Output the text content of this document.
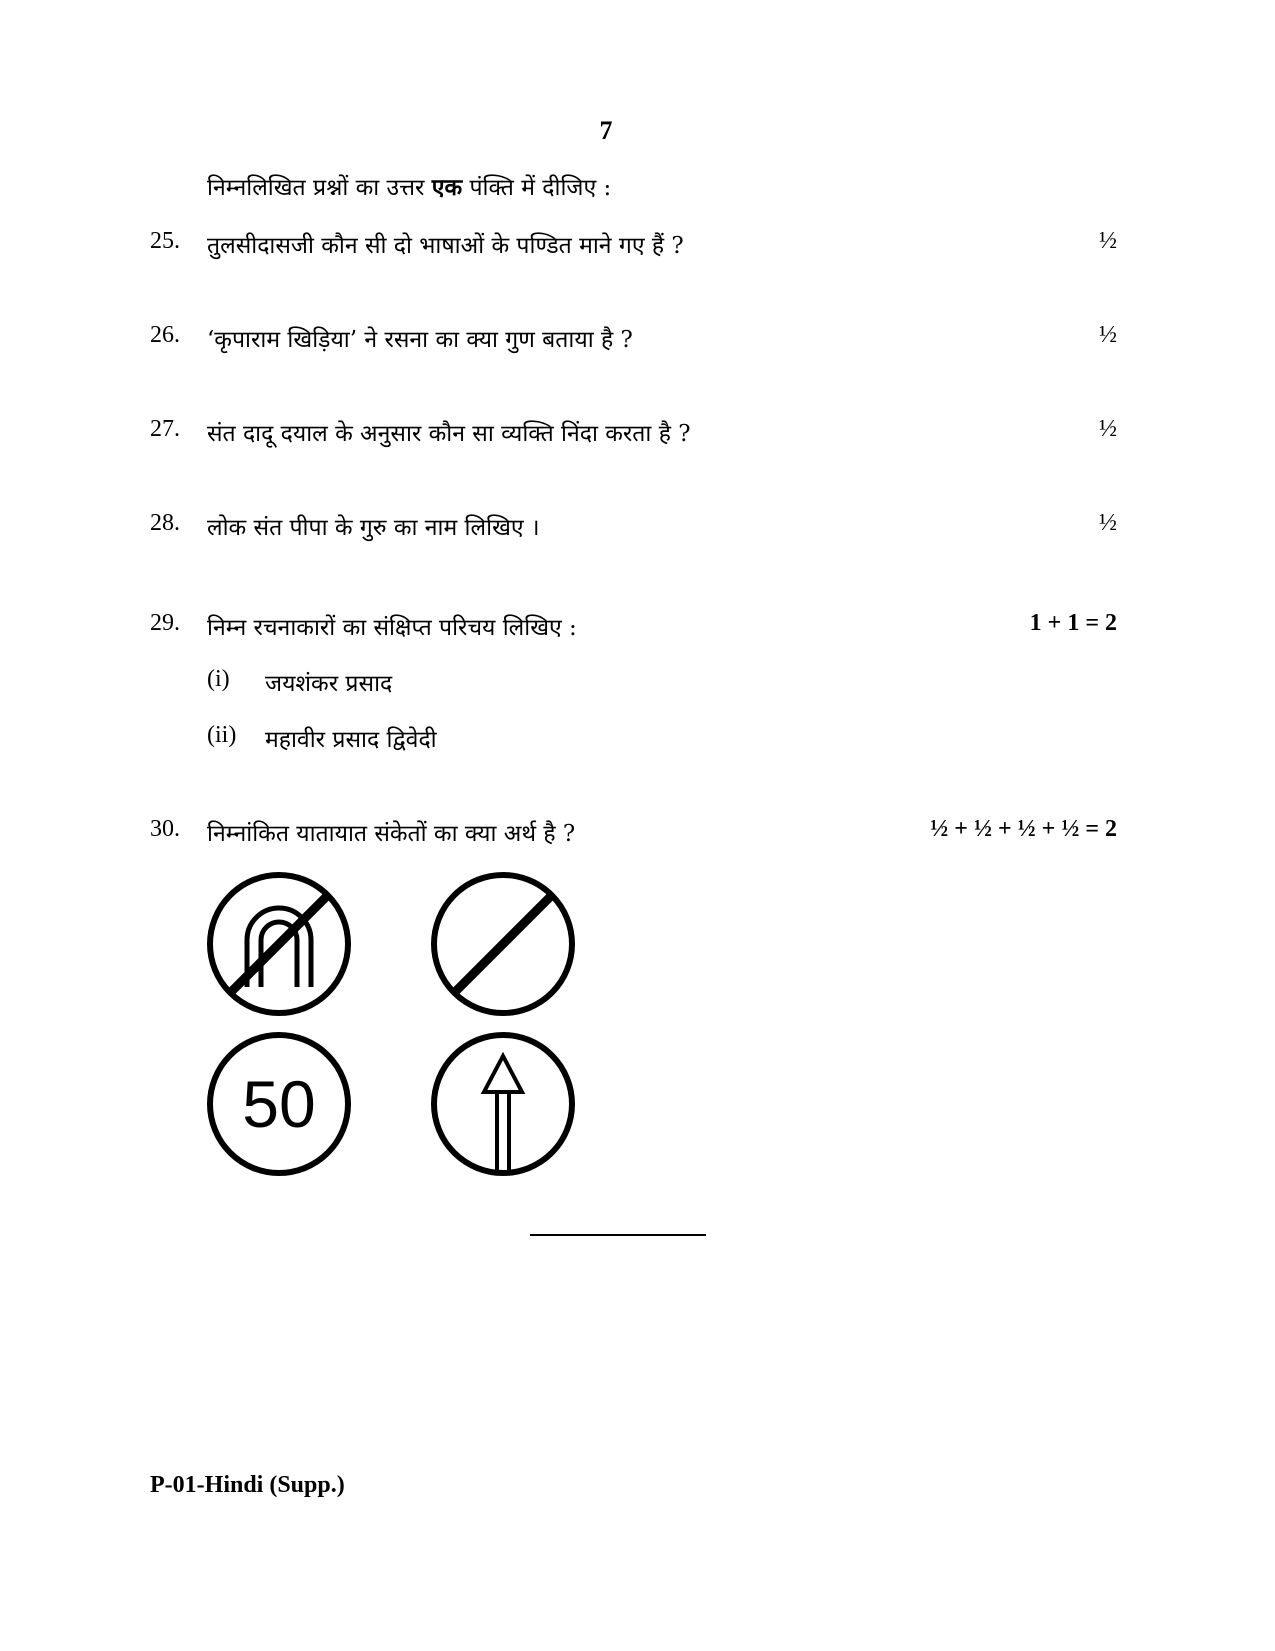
7
निम्नलिखित प्रश्नों का उत्तर एक पंक्ति में दीजिए :
25. तुलसीदासजी कौन सी दो भाषाओं के पण्डित माने गए हैं ?	½
26. ‘कृपाराम खिड़िया’ ने रसना का क्या गुण बताया है ?	½
27. संत दादू दयाल के अनुसार कौन सा व्यक्ति निंदा करता है ?	½
28. लोक संत पीपा के गुरु का नाम लिखिए ।	½
29. निम्न रचनाकारों का संक्षिप्त परिचय लिखिए :	1 + 1 = 2
(i) जयशंकर प्रसाद
(ii) महावीर प्रसाद द्विवेदी
30. निम्नांकित यातायात संकेतों का क्या अर्थ है ?	½ + ½ + ½ + ½ = 2
50
P-01-Hindi (Supp.)
